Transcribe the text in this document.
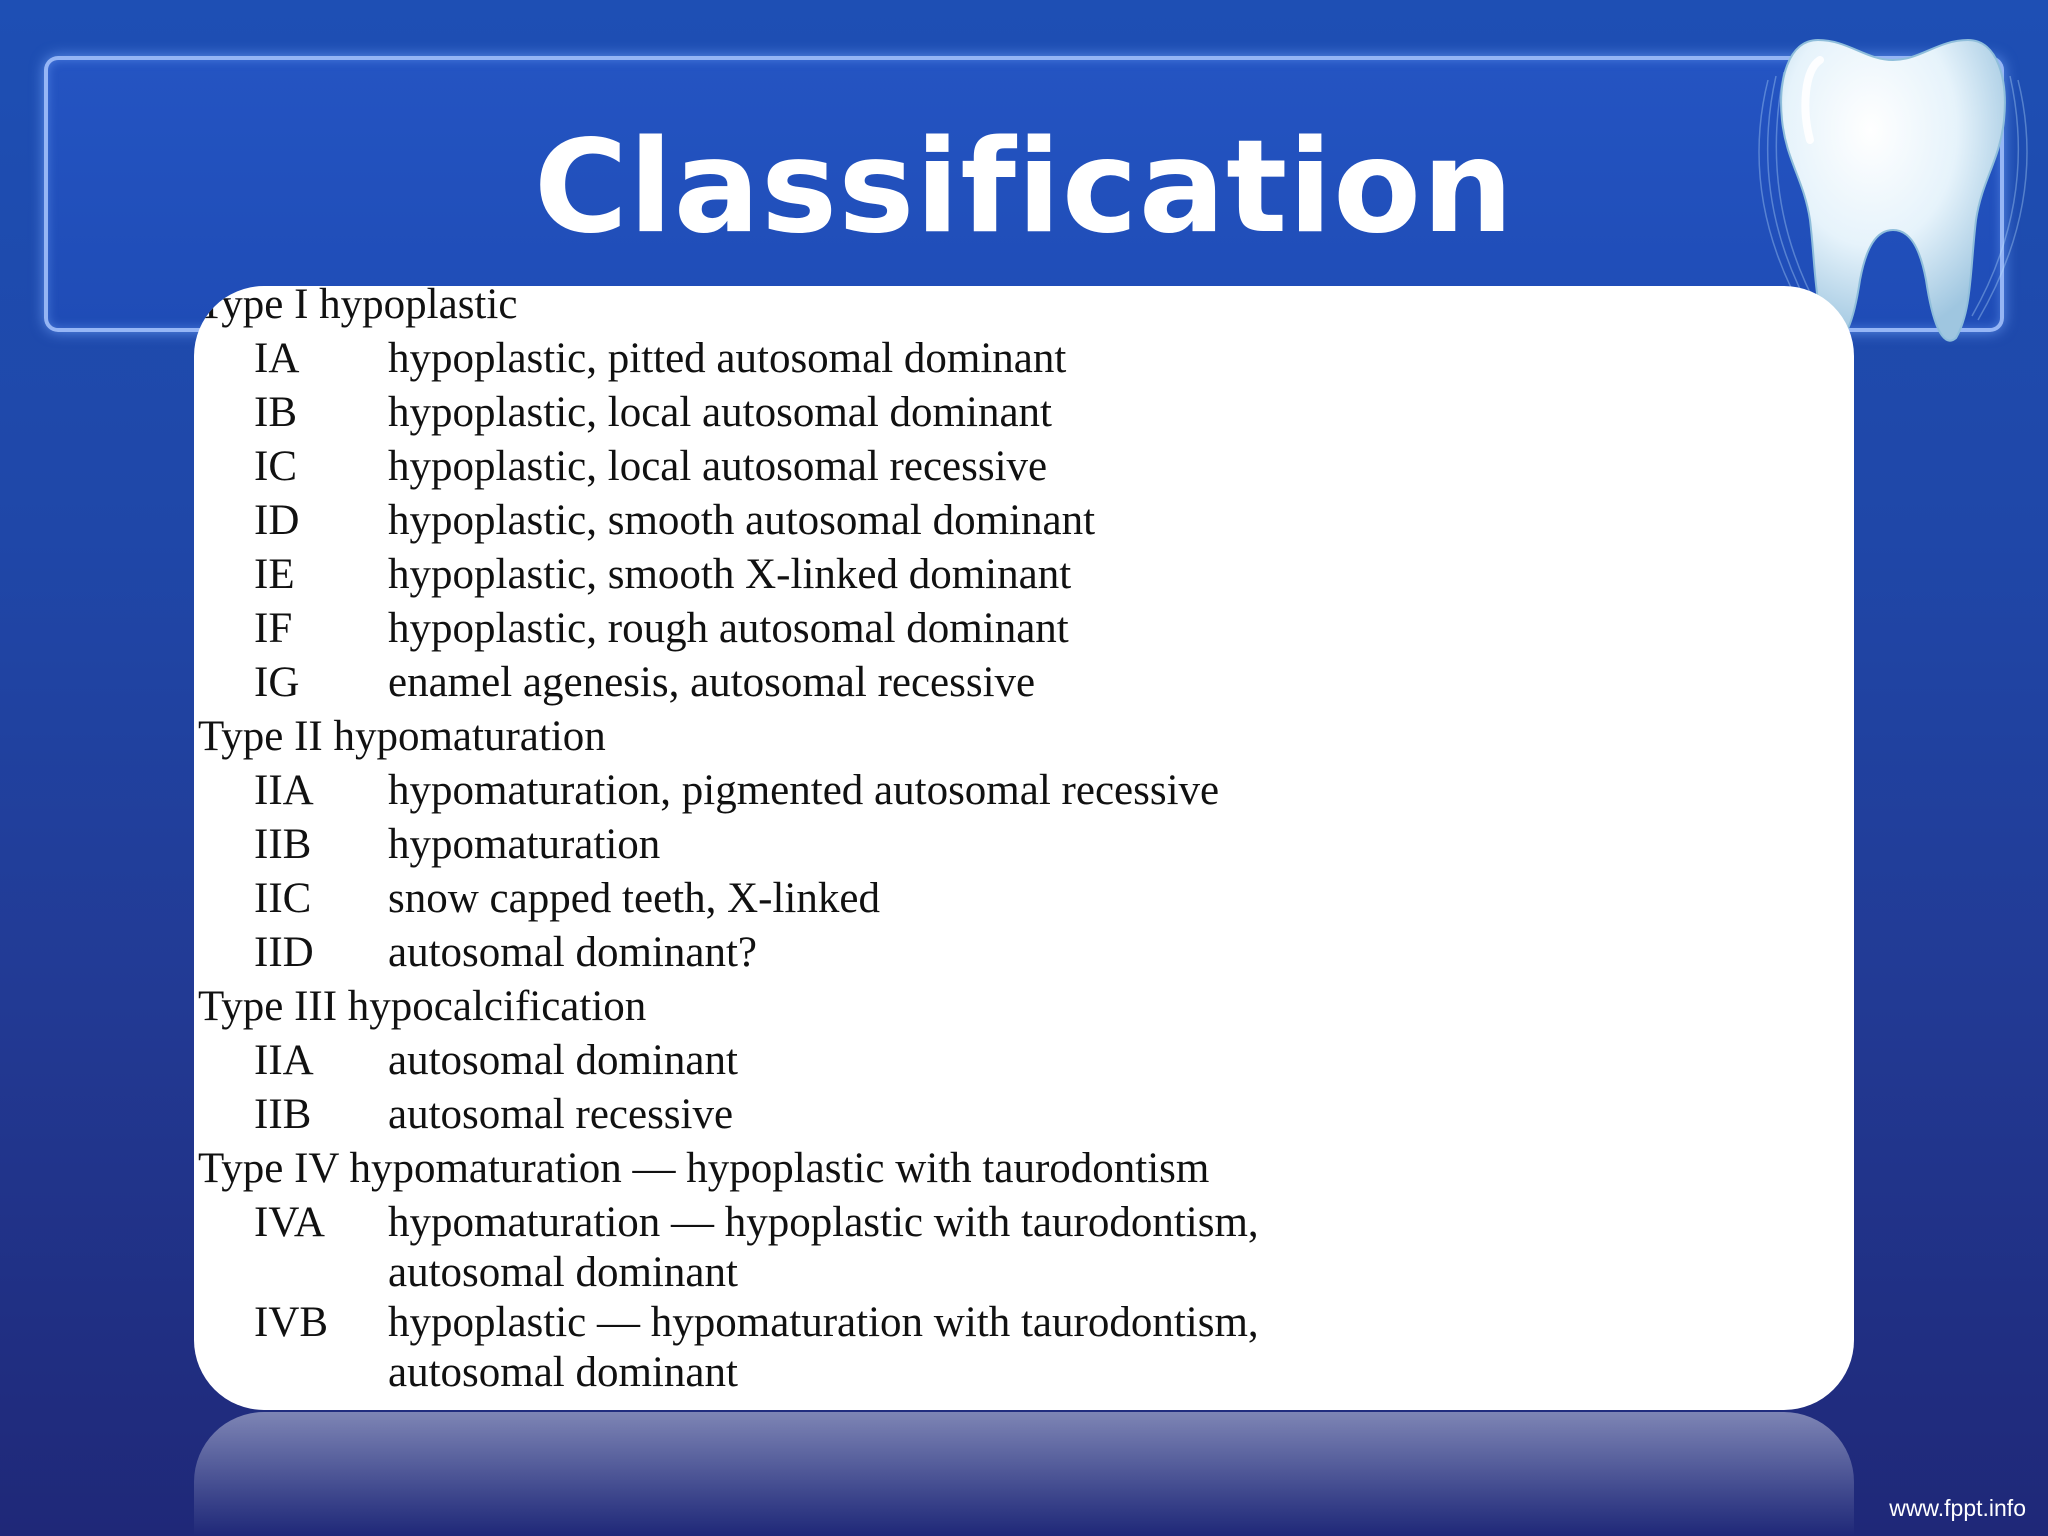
Classification
Type I hypoplastic
IA hypoplastic, pitted autosomal dominant
IB hypoplastic, local autosomal dominant
IC hypoplastic, local autosomal recessive
ID hypoplastic, smooth autosomal dominant
IE hypoplastic, smooth X-linked dominant
IF hypoplastic, rough autosomal dominant
IG enamel agenesis, autosomal recessive
Type II hypomaturation
IIA hypomaturation, pigmented autosomal recessive
IIB hypomaturation
IIC snow capped teeth, X-linked
IID autosomal dominant?
Type III hypocalcification
IIA autosomal dominant
IIB autosomal recessive
Type IV hypomaturation — hypoplastic with taurodontism
IVA hypomaturation — hypoplastic with taurodontism,
autosomal dominant
IVB hypoplastic — hypomaturation with taurodontism,
autosomal dominant
www.fppt.info
